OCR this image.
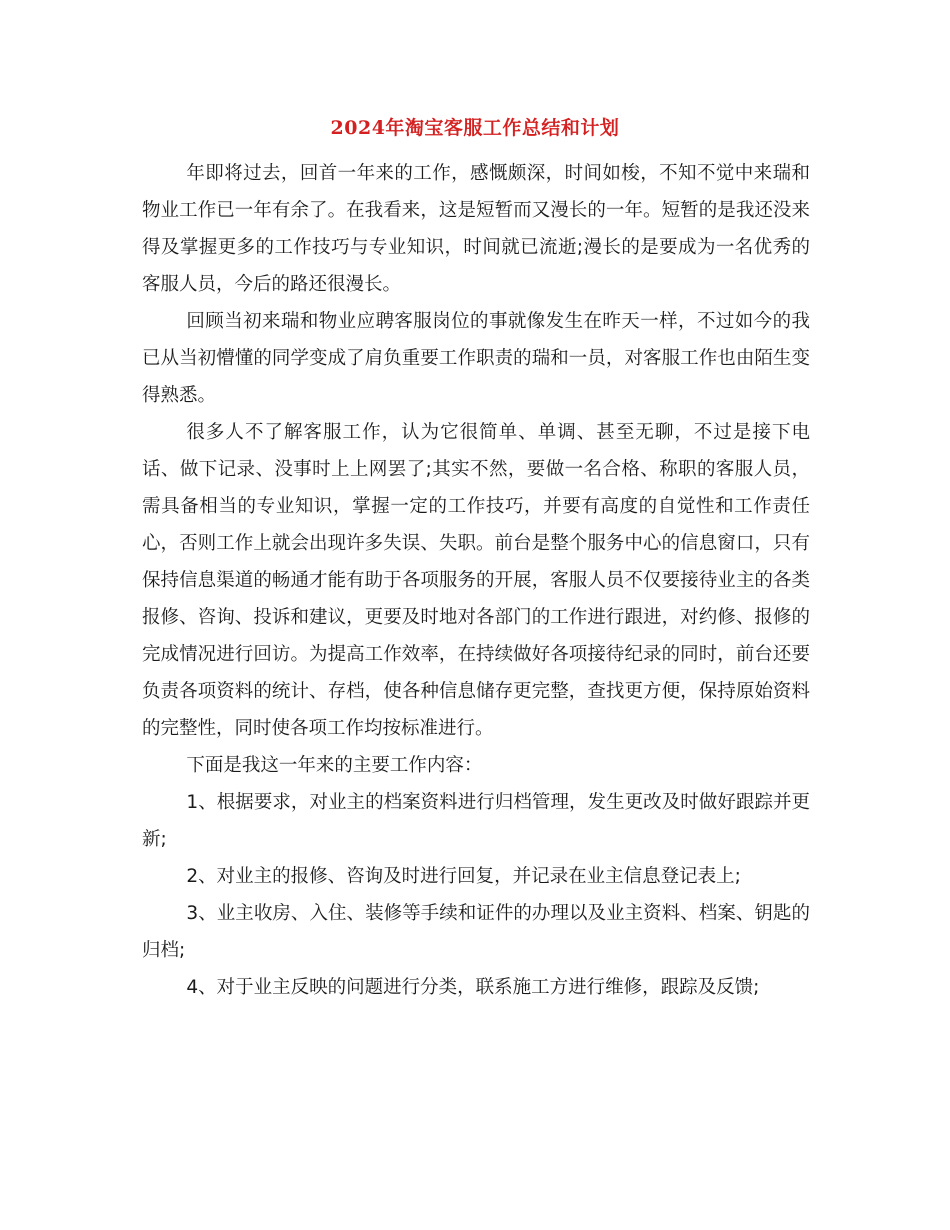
2024年淘宝客服工作总结和计划

年即将过去，回首一年来的工作，感慨颇深，时间如梭，不知不觉中来瑞和物业工作已一年有余了。在我看来，这是短暂而又漫长的一年。短暂的是我还没来得及掌握更多的工作技巧与专业知识，时间就已流逝;漫长的是要成为一名优秀的客服人员，今后的路还很漫长。

回顾当初来瑞和物业应聘客服岗位的事就像发生在昨天一样，不过如今的我已从当初懵懂的同学变成了肩负重要工作职责的瑞和一员，对客服工作也由陌生变得熟悉。

很多人不了解客服工作，认为它很简单、单调、甚至无聊，不过是接下电话、做下记录、没事时上上网罢了;其实不然，要做一名合格、称职的客服人员，需具备相当的专业知识，掌握一定的工作技巧，并要有高度的自觉性和工作责任心，否则工作上就会出现许多失误、失职。前台是整个服务中心的信息窗口，只有保持信息渠道的畅通才能有助于各项服务的开展，客服人员不仅要接待业主的各类报修、咨询、投诉和建议，更要及时地对各部门的工作进行跟进，对约修、报修的完成情况进行回访。为提高工作效率，在持续做好各项接待纪录的同时，前台还要负责各项资料的统计、存档，使各种信息储存更完整，查找更方便，保持原始资料的完整性，同时使各项工作均按标准进行。

下面是我这一年来的主要工作内容：

1、根据要求，对业主的档案资料进行归档管理，发生更改及时做好跟踪并更新;

2、对业主的报修、咨询及时进行回复，并记录在业主信息登记表上;

3、业主收房、入住、装修等手续和证件的办理以及业主资料、档案、钥匙的归档;

4、对于业主反映的问题进行分类，联系施工方进行维修，跟踪及反馈;
